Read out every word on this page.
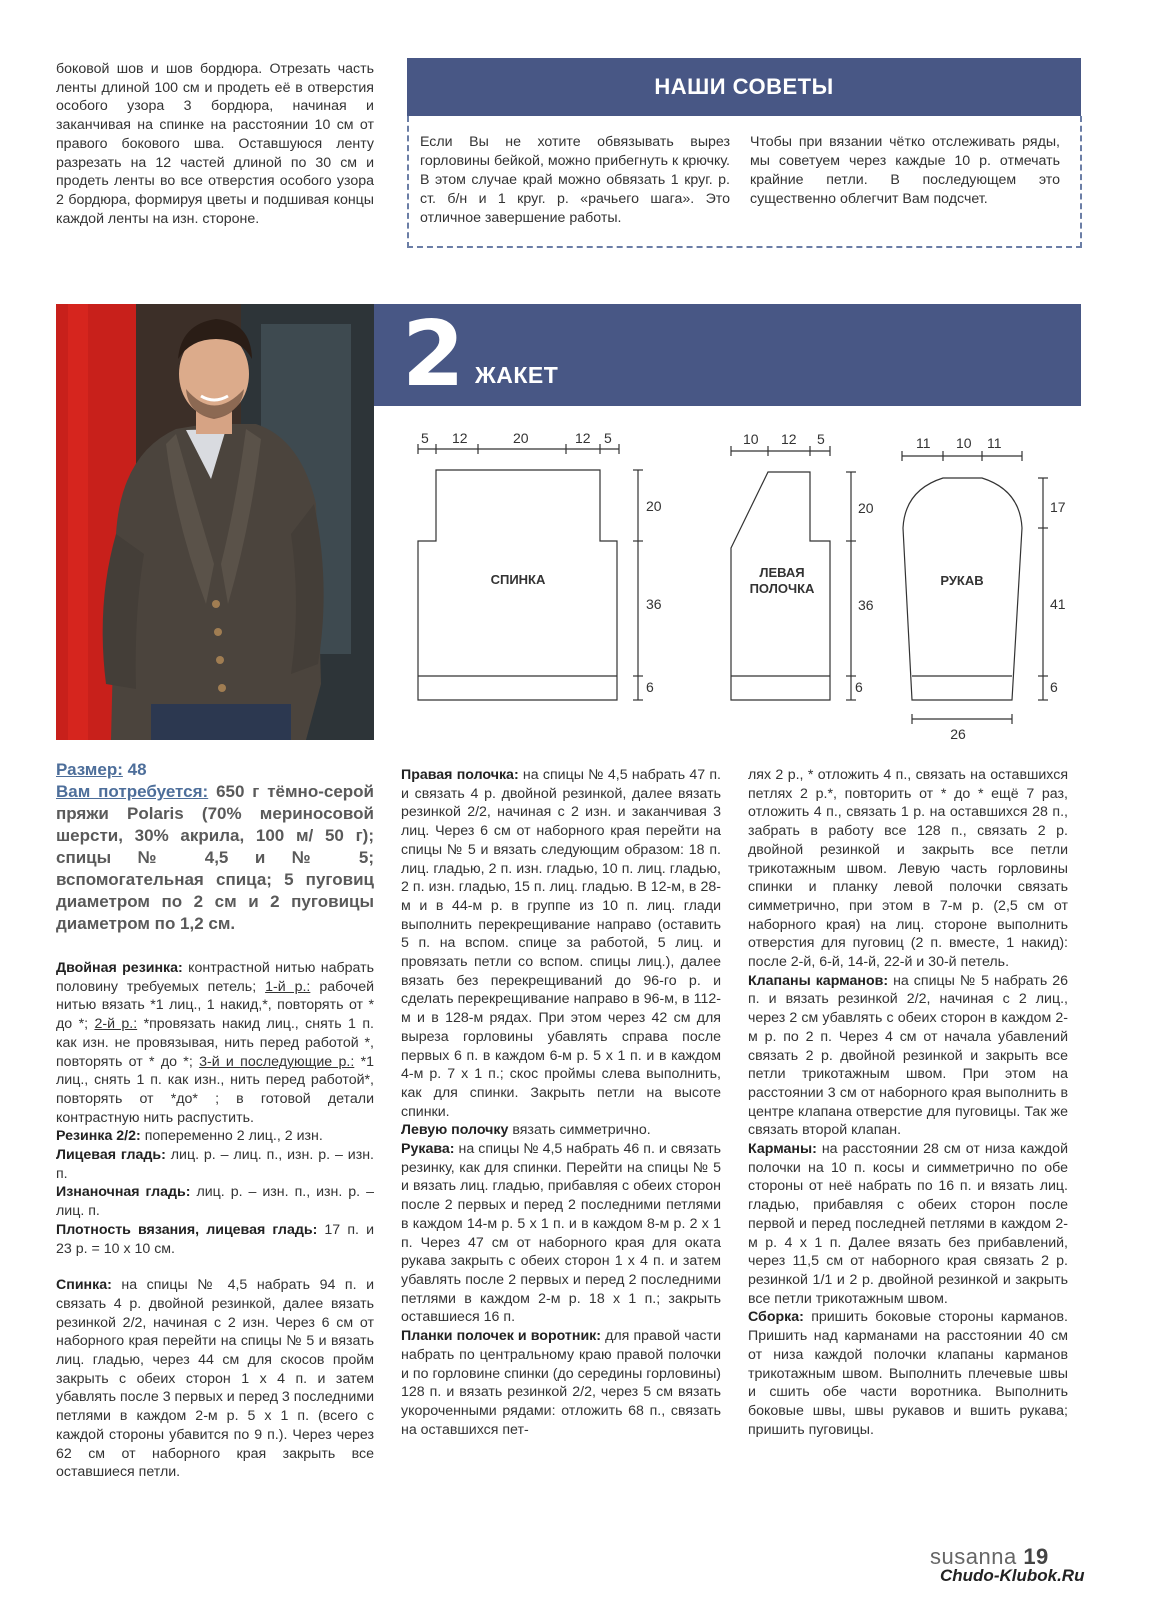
боковой шов и шов бордюра. Отрезать часть ленты длиной 100 см и продеть её в отверстия особого узора 3 бордюра, начиная и заканчивая на спинке на расстоянии 10 см от правого бокового шва. Оставшуюся ленту разрезать на 12 частей длиной по 30 см и продеть ленты во все отверстия особого узора 2 бордюра, формируя цветы и подшивая концы каждой ленты на изн. стороне.
НАШИ СОВЕТЫ
Если Вы не хотите обвязывать вырез горловины бейкой, можно прибегнуть к крючку. В этом случае край можно обвязать 1 круг. р. ст. б/н и 1 круг. р. «рачьего шага». Это отличное завершение работы.
Чтобы при вязании чётко отслеживать ряды, мы советуем через каждые 10 р. отмечать крайние петли. В последующем это существенно облегчит Вам подсчет.
2 ЖАКЕТ
5 12	20	12 5
20
36
6
СПИНКА
10 12 5
20
36
6
ЛЕВАЯ
ПОЛОЧКА
11 10 11
17
41
6
26
РУКАВ
Размер: 48
Вам потребуется: 650 г тёмно-серой пряжи Polaris (70% мериносовой шерсти, 30% акрила, 100 м/ 50 г); спицы № 4,5 и № 5; вспомогательная спица; 5 пуговиц диаметром по 2 см и 2 пуговицы диаметром по 1,2 см.
Двойная резинка: контрастной нитью набрать половину требуемых петель; 1-й р.: рабочей нитью вязать *1 лиц., 1 накид,*, повторять от * до *; 2-й р.: *провязать накид лиц., снять 1 п. как изн. не провязывая, нить перед работой *, повторять от * до *; 3-й и последующие р.: *1 лиц., снять 1 п. как изн., нить перед работой*, повторять от *до* ; в готовой детали контрастную нить распустить.
Резинка 2/2: попеременно 2 лиц., 2 изн.
Лицевая гладь: лиц. р. – лиц. п., изн. р. – изн. п.
Изнаночная гладь: лиц. р. – изн. п., изн. р. – лиц. п.
Плотность вязания, лицевая гладь: 17 п. и 23 р. = 10 х 10 см.
Спинка: на спицы № 4,5 набрать 94 п. и связать 4 р. двойной резинкой, далее вязать резинкой 2/2, начиная с 2 изн. Через 6 см от наборного края перейти на спицы № 5 и вязать лиц. гладью, через 44 см для скосов пройм закрыть с обеих сторон 1 х 4 п. и затем убавлять после 3 первых и перед 3 последними петлями в каждом 2-м р. 5 х 1 п. (всего с каждой стороны убавится по 9 п.). Через через 62 см от наборного края закрыть все оставшиеся петли.
Правая полочка: на спицы № 4,5 набрать 47 п. и связать 4 р. двойной резинкой, далее вязать резинкой 2/2, начиная с 2 изн. и заканчивая 3 лиц. Через 6 см от наборного края перейти на спицы № 5 и вязать следующим образом: 18 п. лиц. гладью, 2 п. изн. гладью, 10 п. лиц. гладью, 2 п. изн. гладью, 15 п. лиц. гладью. В 12-м, в 28-м и в 44-м р. в группе из 10 п. лиц. глади выполнить перекрещивание направо (оставить 5 п. на вспом. спице за работой, 5 лиц. и провязать петли со вспом. спицы лиц.), далее вязать без перекрещиваний до 96-го р. и сделать перекрещивание направо в 96-м, в 112-м и в 128-м рядах. При этом через 42 см для выреза горловины убавлять справа после первых 6 п. в каждом 6-м р. 5 х 1 п. и в каждом 4-м р. 7 х 1 п.; скос проймы слева выполнить, как для спинки. Закрыть петли на высоте спинки.
Левую полочку вязать симметрично.
Рукава: на спицы № 4,5 набрать 46 п. и связать резинку, как для спинки. Перейти на спицы № 5 и вязать лиц. гладью, прибавляя с обеих сторон после 2 первых и перед 2 последними петлями в каждом 14-м р. 5 х 1 п. и в каждом 8-м р. 2 х 1 п. Через 47 см от наборного края для оката рукава закрыть с обеих сторон 1 х 4 п. и затем убавлять после 2 первых и перед 2 последними петлями в каждом 2-м р. 18 х 1 п.; закрыть оставшиеся 16 п.
Планки полочек и воротник: для правой части набрать по центральному краю правой полочки и по горловине спинки (до середины горловины) 128 п. и вязать резинкой 2/2, через 5 см вязать укороченными рядами: отложить 68 п., связать на оставшихся пет-
лях 2 р., * отложить 4 п., связать на оставшихся петлях 2 р.*, повторить от * до * ещё 7 раз, отложить 4 п., связать 1 р. на оставшихся 28 п., забрать в работу все 128 п., связать 2 р. двойной резинкой и закрыть все петли трикотажным швом. Левую часть горловины спинки и планку левой полочки связать симметрично, при этом в 7-м р. (2,5 см от наборного края) на лиц. стороне выполнить отверстия для пуговиц (2 п. вместе, 1 накид): после 2-й, 6-й, 14-й, 22-й и 30-й петель.
Клапаны карманов: на спицы № 5 набрать 26 п. и вязать резинкой 2/2, начиная с 2 лиц., через 2 см убавлять с обеих сторон в каждом 2-м р. по 2 п. Через 4 см от начала убавлений связать 2 р. двойной резинкой и закрыть все петли трикотажным швом. При этом на расстоянии 3 см от наборного края выполнить в центре клапана отверстие для пуговицы. Так же связать второй клапан.
Карманы: на расстоянии 28 см от низа каждой полочки на 10 п. косы и симметрично по обе стороны от неё набрать по 16 п. и вязать лиц. гладью, прибавляя с обеих сторон после первой и перед последней петлями в каждом 2-м р. 4 х 1 п. Далее вязать без прибавлений, через 11,5 см от наборного края связать 2 р. резинкой 1/1 и 2 р. двойной резинкой и закрыть все петли трикотажным швом.
Сборка: пришить боковые стороны карманов. Пришить над карманами на расстоянии 40 см от низа каждой полочки клапаны карманов трикотажным швом. Выполнить плечевые швы и сшить обе части воротника. Выполнить боковые швы, швы рукавов и вшить рукава; пришить пуговицы.
susanna 19
Chudo-Klubok.Ru
